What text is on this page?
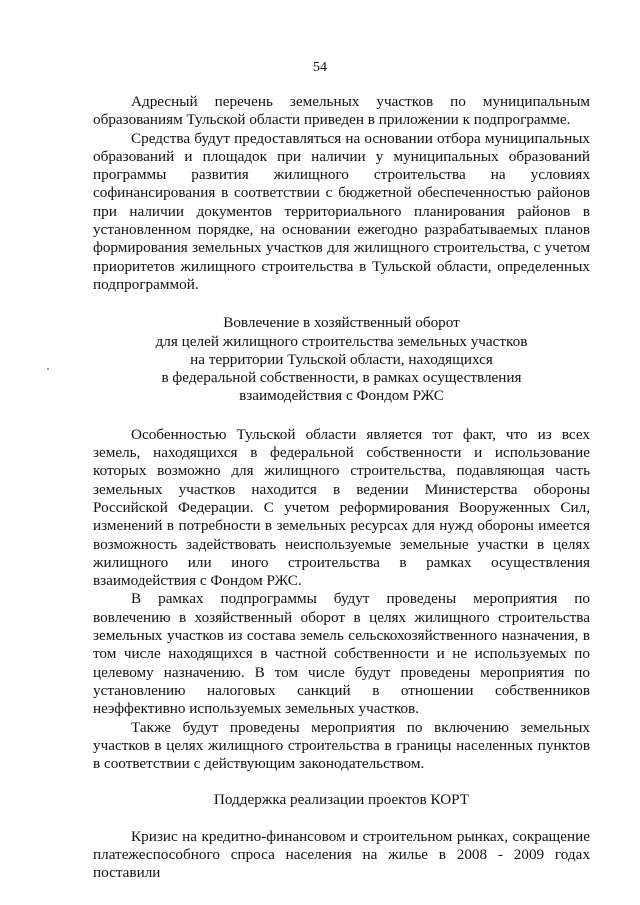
54

Адресный перечень земельных участков по муниципальным образованиям Тульской области приведен в приложении к подпрограмме.

Средства будут предоставляться на основании отбора муниципальных образований и площадок при наличии у муниципальных образований программы развития жилищного строительства на условиях софинансирования в соответствии с бюджетной обеспеченностью районов при наличии документов территориального планирования районов в установленном порядке, на основании ежегодно разрабатываемых планов формирования земельных участков для жилищного строительства, с учетом приоритетов жилищного строительства в Тульской области, определенных подпрограммой.

Вовлечение в хозяйственный оборот
для целей жилищного строительства земельных участков
на территории Тульской области, находящихся
в федеральной собственности, в рамках осуществления
взаимодействия с Фондом РЖС

Особенностью Тульской области является тот факт, что из всех земель, находящихся в федеральной собственности и использование которых возможно для жилищного строительства, подавляющая часть земельных участков находится в ведении Министерства обороны Российской Федерации. С учетом реформирования Вооруженных Сил, изменений в потребности в земельных ресурсах для нужд обороны имеется возможность задействовать неиспользуемые земельные участки в целях жилищного или иного строительства в рамках осуществления взаимодействия с Фондом РЖС.

В рамках подпрограммы будут проведены мероприятия по вовлечению в хозяйственный оборот в целях жилищного строительства земельных участков из состава земель сельскохозяйственного назначения, в том числе находящихся в частной собственности и не используемых по целевому назначению. В том числе будут проведены мероприятия по установлению налоговых санкций в отношении собственников неэффективно используемых земельных участков.

Также будут проведены мероприятия по включению земельных участков в целях жилищного строительства в границы населенных пунктов в соответствии с действующим законодательством.

Поддержка реализации проектов КОРТ

Кризис на кредитно-финансовом и строительном рынках, сокращение платежеспособного спроса населения на жилье в 2008 - 2009 годах поставили
